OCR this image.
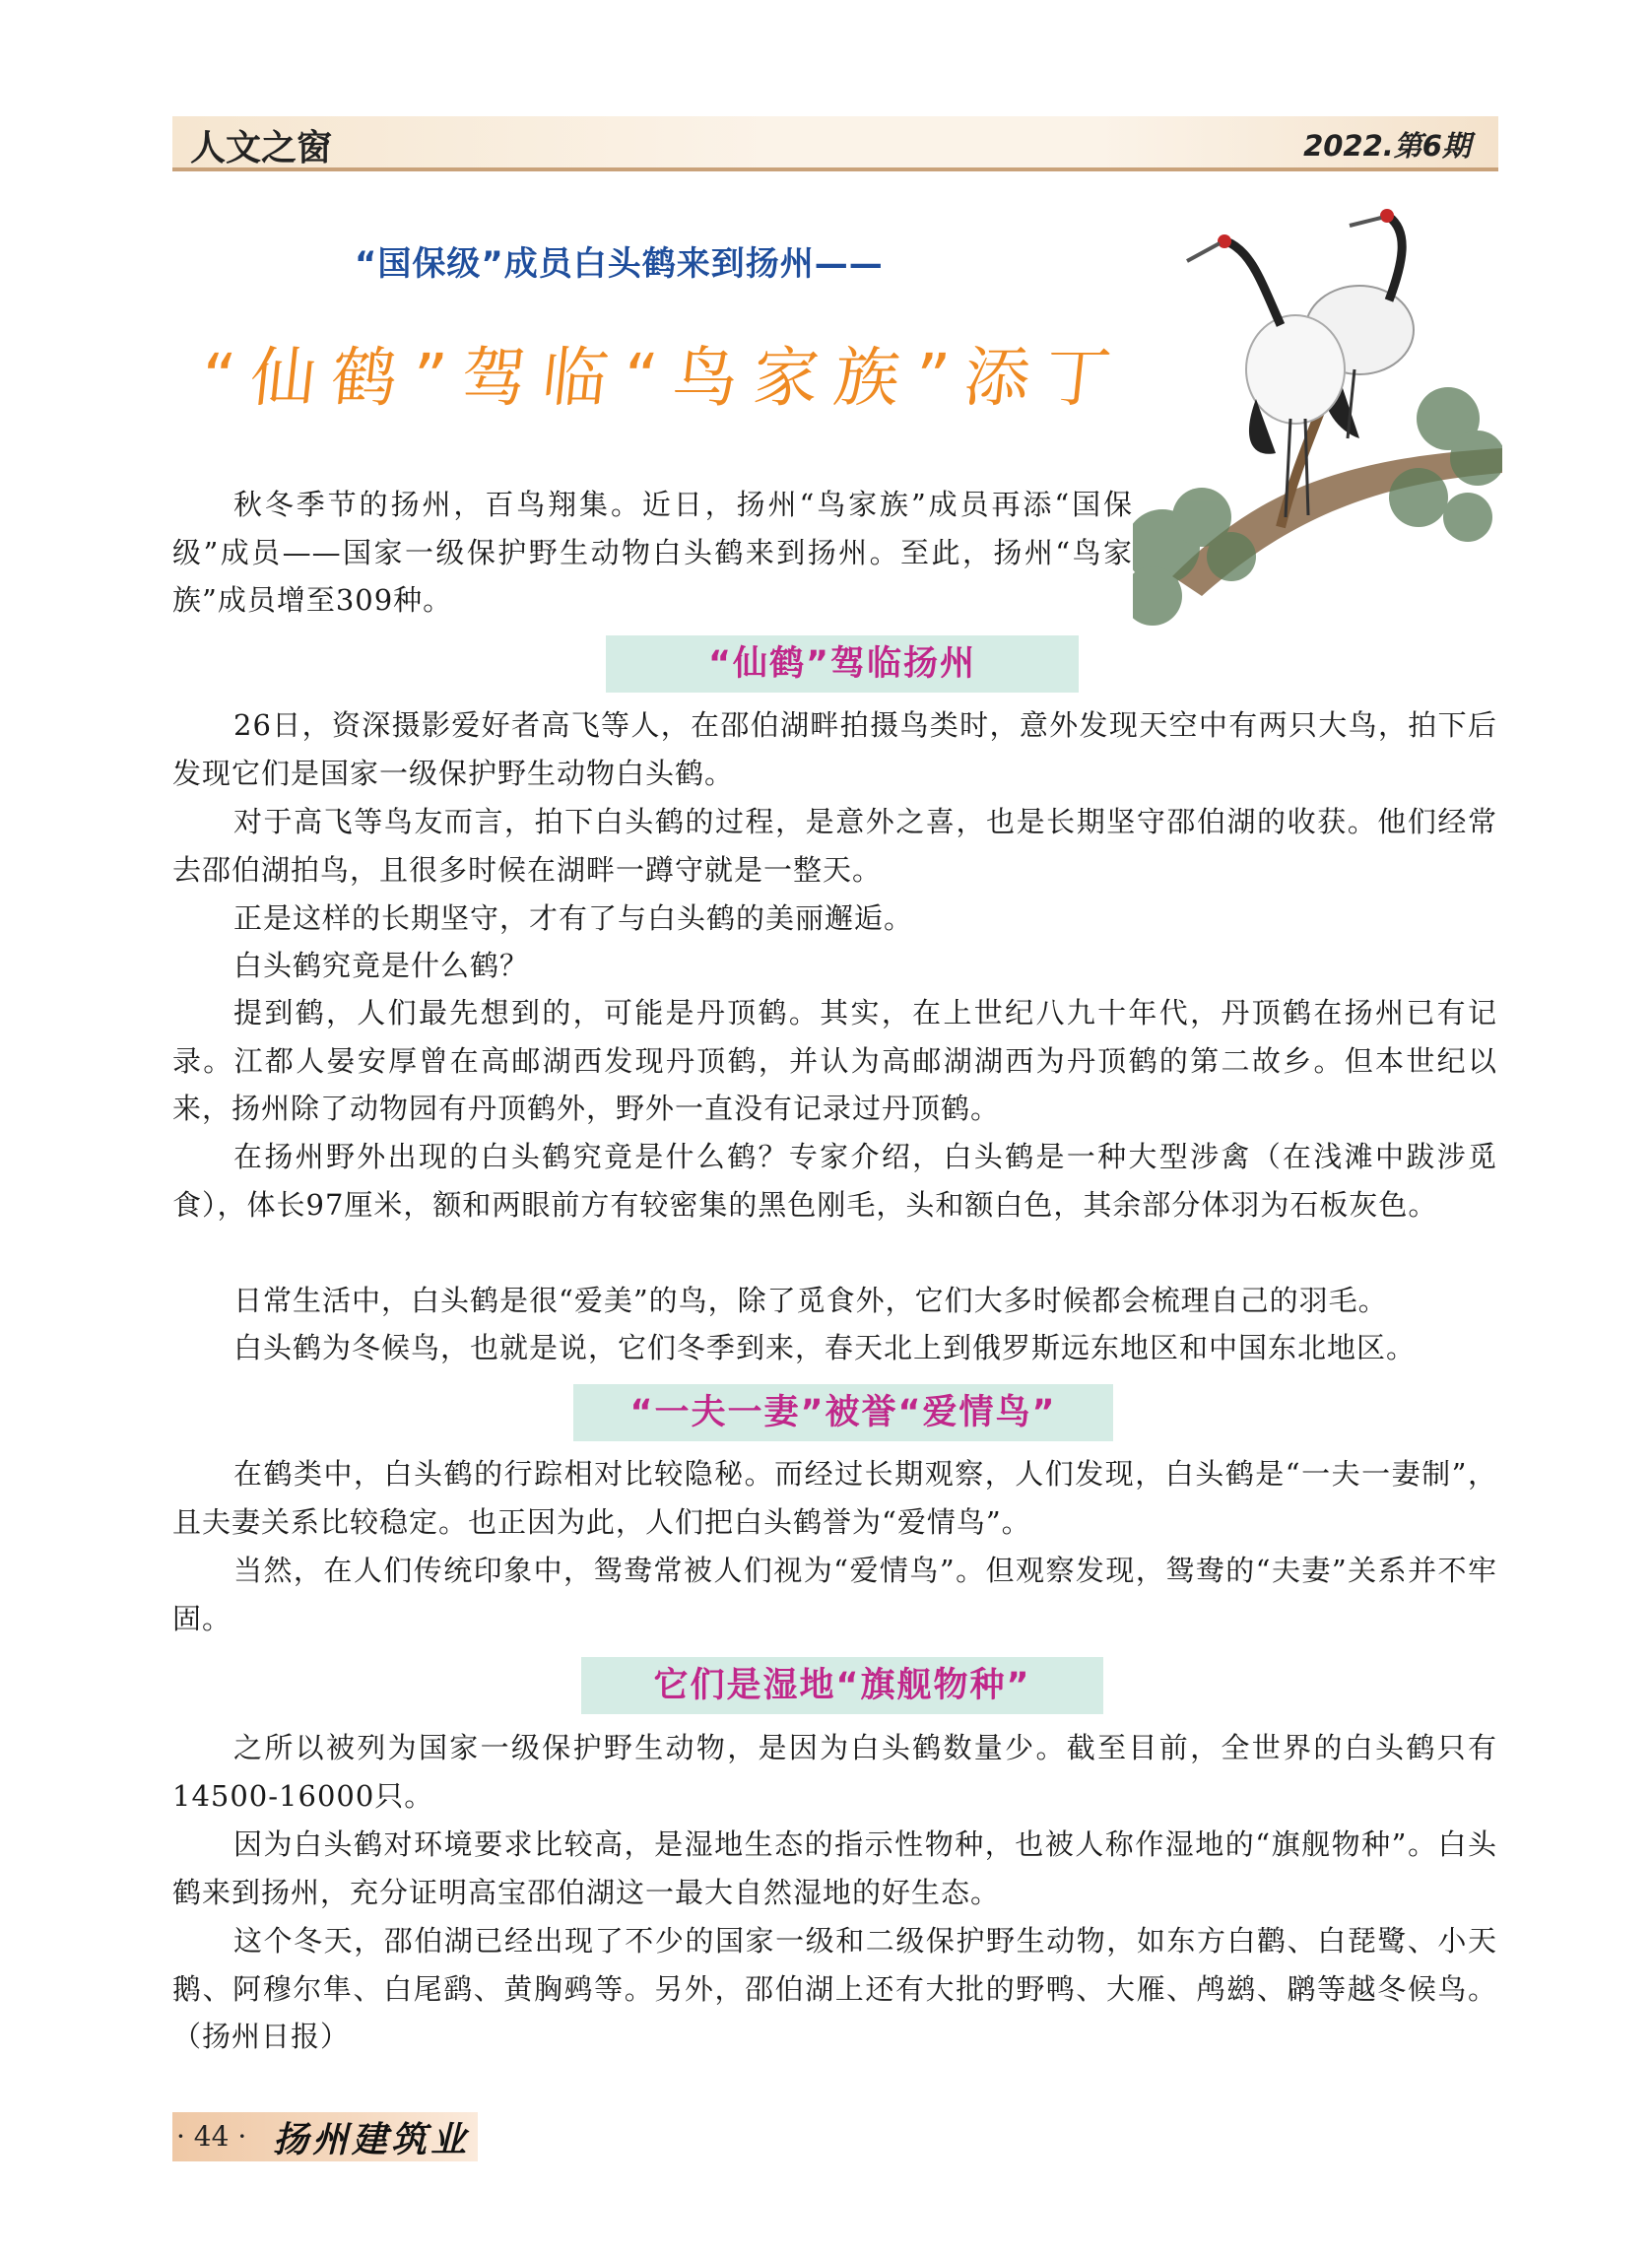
人文之窗	2022.第6期
“国保级”成员白头鹤来到扬州——
“仙鹤”驾临“鸟家族”添丁

秋冬季节的扬州，百鸟翔集。近日，扬州“鸟家族”成员再添“国保级”成员——国家一级保护野生动物白头鹤来到扬州。至此，扬州“鸟家族”成员增至309种。

“仙鹤”驾临扬州

26日，资深摄影爱好者高飞等人，在邵伯湖畔拍摄鸟类时，意外发现天空中有两只大鸟，拍下后发现它们是国家一级保护野生动物白头鹤。

对于高飞等鸟友而言，拍下白头鹤的过程，是意外之喜，也是长期坚守邵伯湖的收获。他们经常去邵伯湖拍鸟，且很多时候在湖畔一蹲守就是一整天。

正是这样的长期坚守，才有了与白头鹤的美丽邂逅。

白头鹤究竟是什么鹤？

提到鹤，人们最先想到的，可能是丹顶鹤。其实，在上世纪八九十年代，丹顶鹤在扬州已有记录。江都人晏安厚曾在高邮湖西发现丹顶鹤，并认为高邮湖湖西为丹顶鹤的第二故乡。但本世纪以来，扬州除了动物园有丹顶鹤外，野外一直没有记录过丹顶鹤。

在扬州野外出现的白头鹤究竟是什么鹤？专家介绍，白头鹤是一种大型涉禽（在浅滩中跋涉觅食），体长97厘米，额和两眼前方有较密集的黑色刚毛，头和额白色，其余部分体羽为石板灰色。

日常生活中，白头鹤是很“爱美”的鸟，除了觅食外，它们大多时候都会梳理自己的羽毛。

白头鹤为冬候鸟，也就是说，它们冬季到来，春天北上到俄罗斯远东地区和中国东北地区。

“一夫一妻”被誉“爱情鸟”

在鹤类中，白头鹤的行踪相对比较隐秘。而经过长期观察，人们发现，白头鹤是“一夫一妻制”，且夫妻关系比较稳定。也正因为此，人们把白头鹤誉为“爱情鸟”。

当然，在人们传统印象中，鸳鸯常被人们视为“爱情鸟”。但观察发现，鸳鸯的“夫妻”关系并不牢固。

它们是湿地“旗舰物种”

之所以被列为国家一级保护野生动物，是因为白头鹤数量少。截至目前，全世界的白头鹤只有14500-16000只。

因为白头鹤对环境要求比较高，是湿地生态的指示性物种，也被人称作湿地的“旗舰物种”。白头鹤来到扬州，充分证明高宝邵伯湖这一最大自然湿地的好生态。

这个冬天，邵伯湖已经出现了不少的国家一级和二级保护野生动物，如东方白鹳、白琵鹭、小天鹅、阿穆尔隼、白尾鹞、黄胸鹀等。另外，邵伯湖上还有大批的野鸭、大雁、鸬鹚、䴙等越冬候鸟。（扬州日报）

· 44 · 扬州建筑业
